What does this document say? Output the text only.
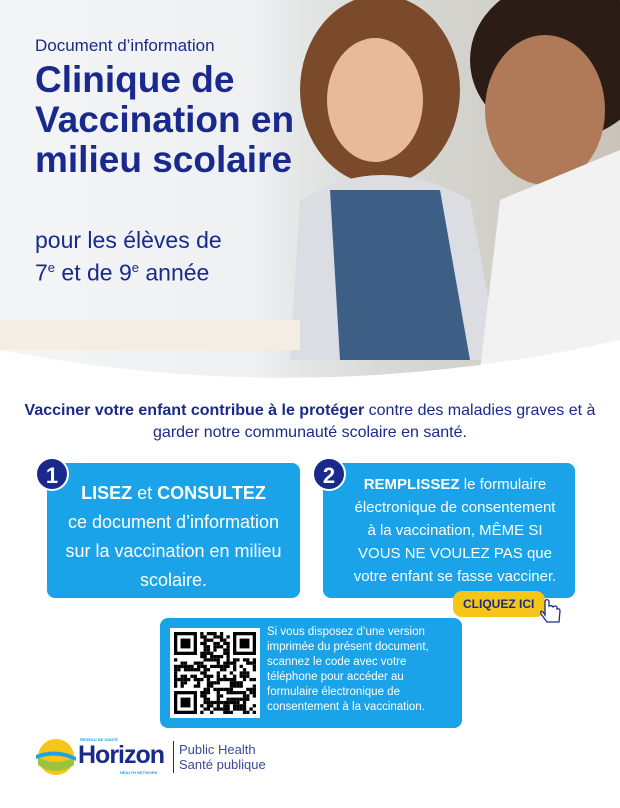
Document d’information
Clinique de Vaccination en milieu scolaire
pour les élèves de
7e et de 9e année
Vacciner votre enfant contribue à le protéger contre des maladies graves et à garder notre communauté scolaire en santé.
LISEZ et CONSULTEZ
ce document d’information sur la vaccination en milieu scolaire.
1	REMPLISSEZ le formulaire électronique de consentement à la vaccination, MÊME SI VOUS NE VOULEZ PAS que votre enfant se fasse vacciner.
2
CLIQUEZ ICI
Si vous disposez d’une version imprimée du présent document, scannez le code avec votre téléphone pour accéder au formulaire électronique de consentement à la vaccination.
RÉSEAU DE SANTÉ
Horizon
HEALTH NETWORK
Public Health
Santé publique
